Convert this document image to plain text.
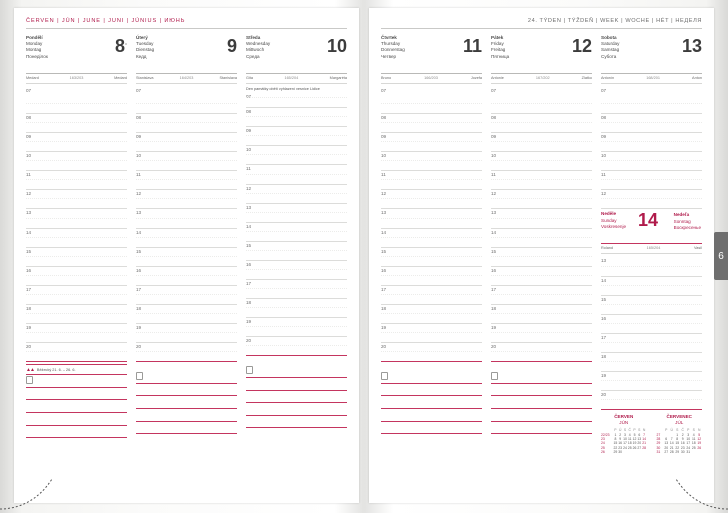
ČERVEN | JÚN | JUNE | JUNI | JÚNIUS | ИЮНЬ
Pondělí
Monday
Montag
Понеділок
8°
Medard	163/203	Medard
07
08
09
10
11
12
13
14
15
16
17
18
19
20
▲▲ Běžecký 21. 6. – 26. 6.
Úterý
Tuesday
Dienstag
Кедд
9
Stanislava	164/203	Stanislava
07
08
09
10
11
12
13
14
15
16
17
18
19
20
Středa
Wednesday
Mittwoch
Среда
10
Gita	165/204	Margaréta
Den památky obětí vyhlazení vesnice Lidice
07
08
09
10
11
12
13
14
15
16
17
18
19
20
24. TÝDEN | TÝŽDEŇ | WEEK | WOCHE | HÉT | НЕДЕЛЯ
Čtvrtek
Thursday
Donnerstag
Четвер
11
Bruno	166/203	Jozefa
07
08
09
10
11
12
13
14
15
16
17
18
19
20
Pátek
Friday
Freitag
Пятница
12
Antonie	167/202	Zlatko
07
08
09
10
11
12
13
14
15
16
17
18
19
20
Sobota
Saturday
Samstag
Субота
13
Antonín	168/201	Anton
07
08
09
10
11
12
Neděle
Sunday
Voskresenje
Nedeľa
Sonntag
Воскресенье
14
Roland	165/204	Vasil
13
14
15
16
17
18
19
20
ČERVEN
JÚN
	P	Ú	S	Č	P	S	N
22/23	1	2	3	4	5	6	7
23	8	9	10	11	12	13	14
24	15	16	17	18	19	20	21
25	22	23	24	25	26	27	28
26	29	30					
ČERVENEC
JÚL
	P	Ú	S	Č	P	S	N
27			1	2	3	4	5
28	6	7	8	9	10	11	12
29	13	14	15	16	17	18	19
30	20	21	22	23	24	25	26
31	27	28	29	30	31		
6
